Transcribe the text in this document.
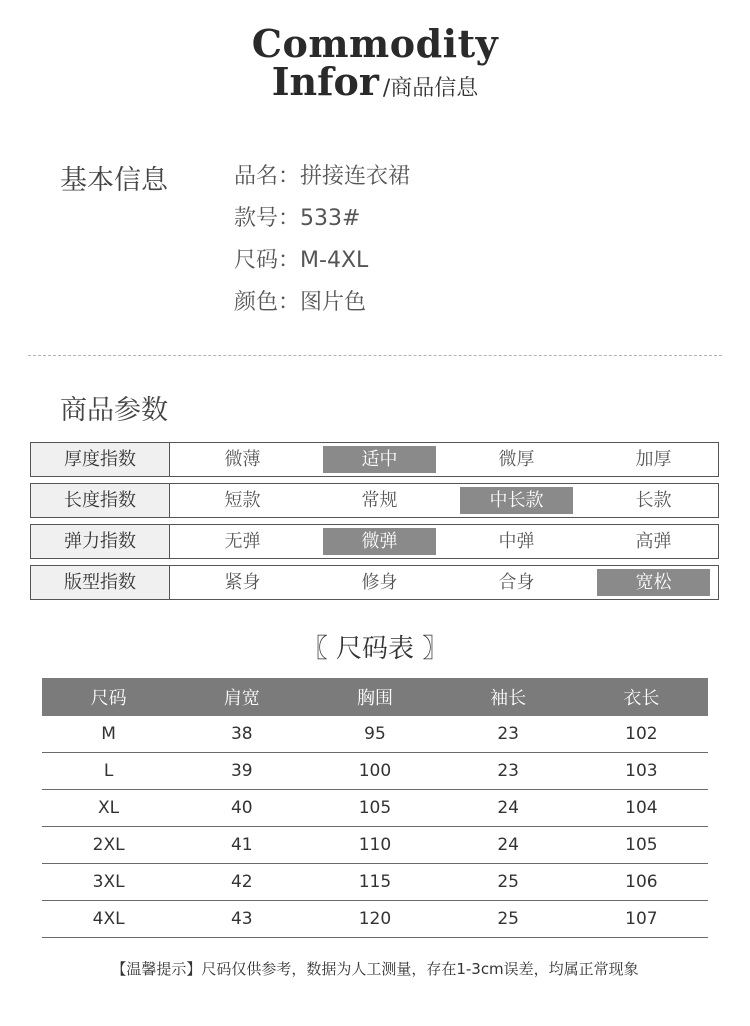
Commodity
Infor /商品信息
基本信息	品名：拼接连衣裙
款号：533#
尺码：M-4XL
颜色：图片色
商品参数
厚度指数	微薄	适中	微厚	加厚
长度指数	短款	常规	中长款	长款
弹力指数	无弹	微弹	中弹	高弹
版型指数	紧身	修身	合身	宽松
〖 尺码表 〗
尺码	肩宽	胸围	袖长	衣长
M	38	95	23	102
L	39	100	23	103
XL	40	105	24	104
2XL	41	110	24	105
3XL	42	115	25	106
4XL	43	120	25	107
【温馨提示】尺码仅供参考，数据为人工测量，存在1-3cm误差，均属正常现象
